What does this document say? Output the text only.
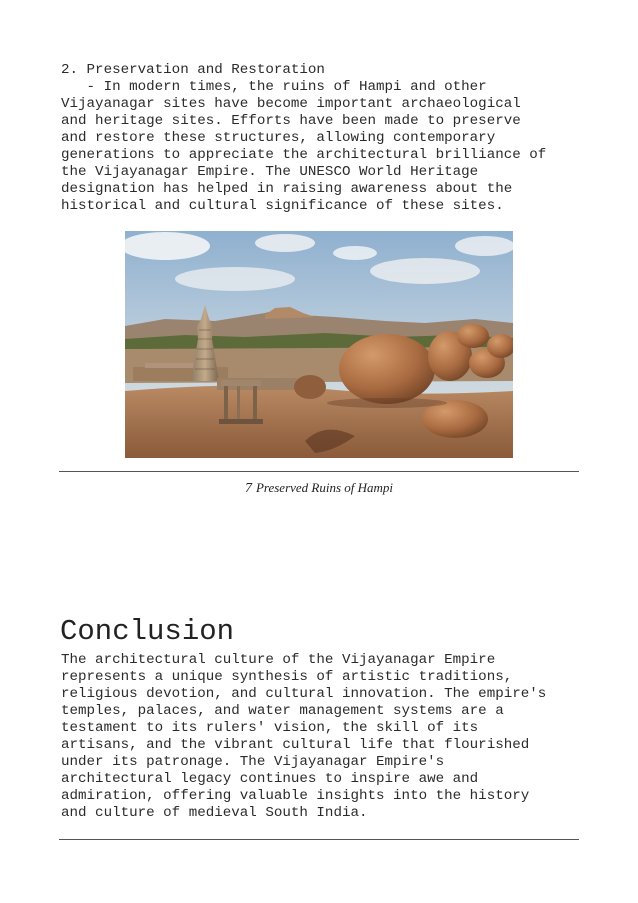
2. Preservation and Restoration

- In modern times, the ruins of Hampi and other

Vijayanagar sites have become important archaeological

and heritage sites. Efforts have been made to preserve

and restore these structures, allowing contemporary

generations to appreciate the architectural brilliance of

the Vijayanagar Empire. The UNESCO World Heritage

designation has helped in raising awareness about the

historical and cultural significance of these sites.

7 Preserved Ruins of Hampi
Conclusion

The architectural culture of the Vijayanagar Empire

represents a unique synthesis of artistic traditions,

religious devotion, and cultural innovation. The empire's

temples, palaces, and water management systems are a

testament to its rulers' vision, the skill of its

artisans, and the vibrant cultural life that flourished

under its patronage. The Vijayanagar Empire's

architectural legacy continues to inspire awe and

admiration, offering valuable insights into the history

and culture of medieval South India.
